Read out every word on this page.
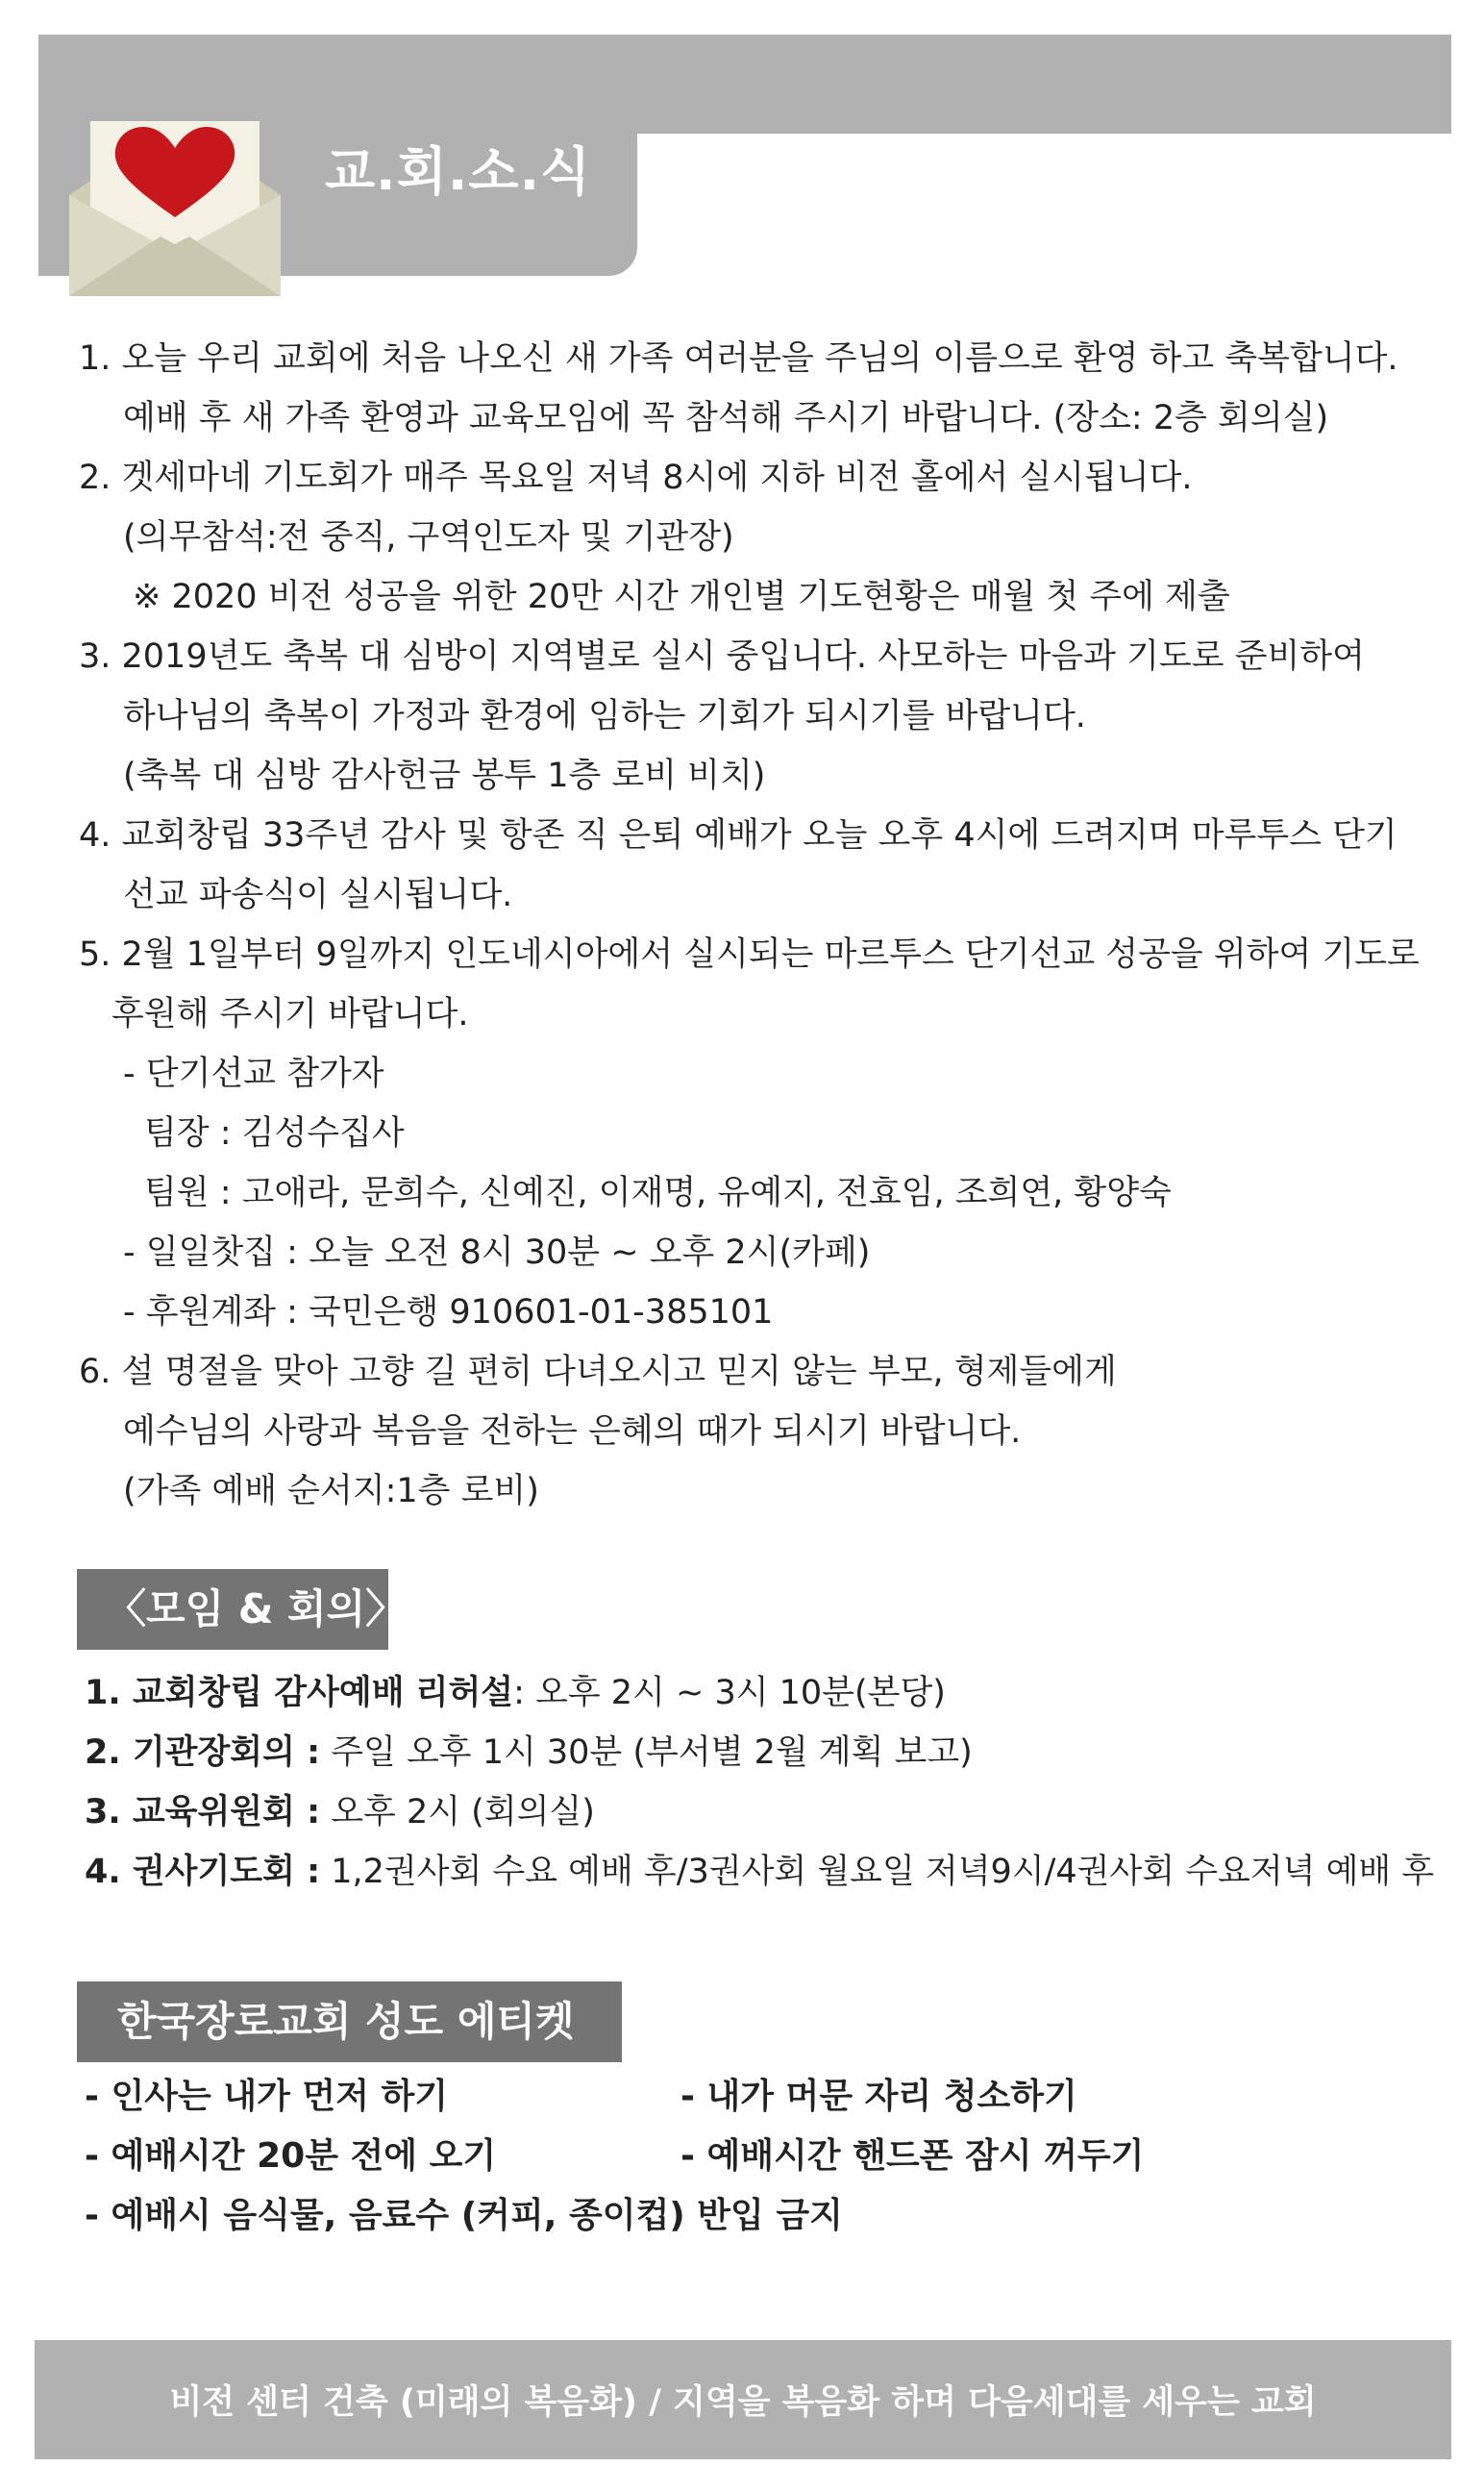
교.회.소.식
1. 오늘 우리 교회에 처음 나오신 새 가족 여러분을 주님의 이름으로 환영 하고 축복합니다.
예배 후 새 가족 환영과 교육모임에 꼭 참석해 주시기 바랍니다. (장소: 2층 회의실)
2. 겟세마네 기도회가 매주 목요일 저녁 8시에 지하 비전 홀에서 실시됩니다.
(의무참석:전 중직, 구역인도자 및 기관장)
※ 2020 비전 성공을 위한 20만 시간 개인별 기도현황은 매월 첫 주에 제출
3. 2019년도 축복 대 심방이 지역별로 실시 중입니다. 사모하는 마음과 기도로 준비하여
하나님의 축복이 가정과 환경에 임하는 기회가 되시기를 바랍니다.
(축복 대 심방 감사헌금 봉투 1층 로비 비치)
4. 교회창립 33주년 감사 및 항존 직 은퇴 예배가 오늘 오후 4시에 드려지며 마루투스 단기
선교 파송식이 실시됩니다.
5. 2월 1일부터 9일까지 인도네시아에서 실시되는 마르투스 단기선교 성공을 위하여 기도로
후원해 주시기 바랍니다.
- 단기선교 참가자
팀장 : 김성수집사
팀원 : 고애라, 문희수, 신예진, 이재명, 유예지, 전효임, 조희연, 황양숙
- 일일찻집 : 오늘 오전 8시 30분 ~ 오후 2시(카페)
- 후원계좌 : 국민은행 910601-01-385101
6. 설 명절을 맞아 고향 길 편히 다녀오시고 믿지 않는 부모, 형제들에게
예수님의 사랑과 복음을 전하는 은혜의 때가 되시기 바랍니다.
(가족 예배 순서지:1층 로비)
〈모임 & 회의〉
1. 교회창립 감사예배 리허설: 오후 2시 ~ 3시 10분(본당)
2. 기관장회의 : 주일 오후 1시 30분 (부서별 2월 계획 보고)
3. 교육위원회 : 오후 2시 (회의실)
4. 권사기도회 : 1,2권사회 수요 예배 후/3권사회 월요일 저녁9시/4권사회 수요저녁 예배 후
한국장로교회 성도 에티켓
- 인사는 내가 먼저 하기	- 내가 머문 자리 청소하기
- 예배시간 20분 전에 오기	- 예배시간 핸드폰 잠시 꺼두기
- 예배시 음식물, 음료수 (커피, 종이컵) 반입 금지
비전 센터 건축 (미래의 복음화) / 지역을 복음화 하며 다음세대를 세우는 교회
